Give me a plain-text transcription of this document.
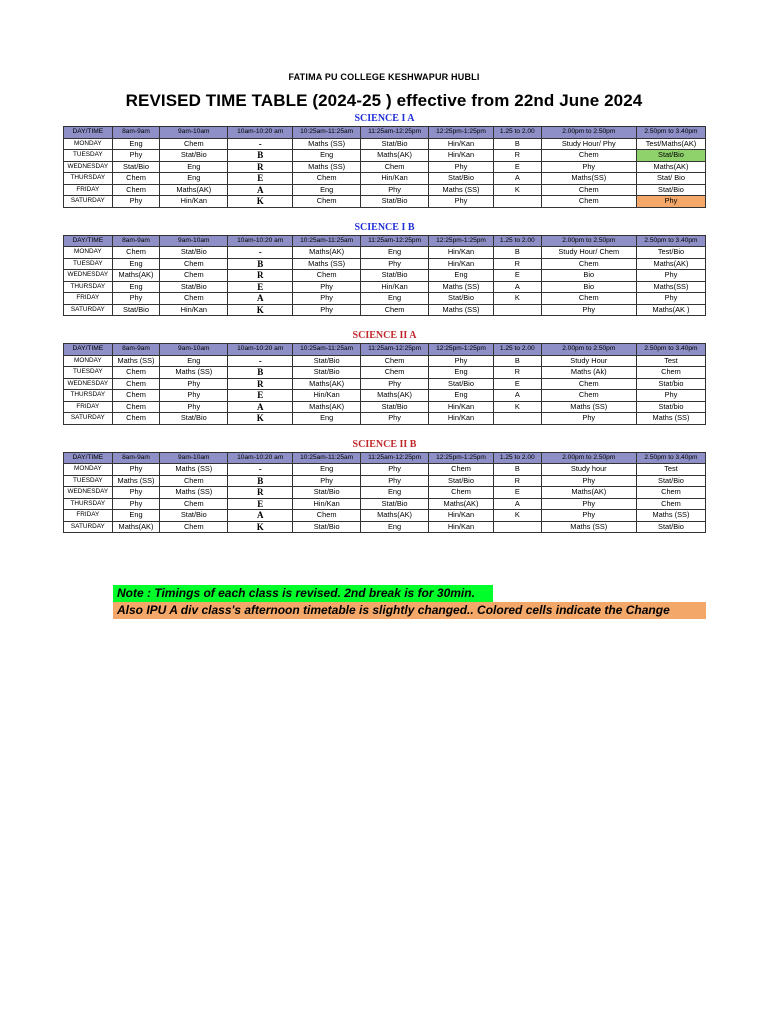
FATIMA PU COLLEGE KESHWAPUR HUBLI
REVISED TIME TABLE (2024-25 ) effective from 22nd June 2024
SCIENCE I A
DAY/TIME	8am-9am	9am-10am	10am-10:20 am	10:25am-11:25am	11:25am-12:25pm	12:25pm-1:25pm	1.25 to 2.00	2.00pm to 2.50pm	2.50pm to 3.40pm
MONDAY	Eng	Chem	-	Maths (SS)	Stat/Bio	Hin/Kan	B	Study Hour/ Phy	Test/Maths(AK)
TUESDAY	Phy	Stat/Bio	B	Eng	Maths(AK)	Hin/Kan	R	Chem	Stat/Bio
WEDNESDAY	Stat/Bio	Eng	R	Maths (SS)	Chem	Phy	E	Phy	Maths(AK)
THURSDAY	Chem	Eng	E	Chem	Hin/Kan	Stat/Bio	A	Maths(SS)	Stat/ Bio
FRIDAY	Chem	Maths(AK)	A	Eng	Phy	Maths (SS)	K	Chem	Stat/Bio
SATURDAY	Phy	Hin/Kan	K	Chem	Stat/Bio	Phy		Chem	Phy
SCIENCE I B
DAY/TIME	8am-9am	9am-10am	10am-10:20 am	10:25am-11:25am	11:25am-12:25pm	12:25pm-1:25pm	1.25 to 2.00	2.00pm to 2.50pm	2.50pm to 3.40pm
MONDAY	Chem	Stat/Bio	-	Maths(AK)	Eng	Hin/Kan	B	Study Hour/ Chem	Test/Bio
TUESDAY	Eng	Chem	B	Maths (SS)	Phy	Hin/Kan	R	Chem	Maths(AK)
WEDNESDAY	Maths(AK)	Chem	R	Chem	Stat/Bio	Eng	E	Bio	Phy
THURSDAY	Eng	Stat/Bio	E	Phy	Hin/Kan	Maths (SS)	A	Bio	Maths(SS)
FRIDAY	Phy	Chem	A	Phy	Eng	Stat/Bio	K	Chem	Phy
SATURDAY	Stat/Bio	Hin/Kan	K	Phy	Chem	Maths (SS)		Phy	Maths(AK )
SCIENCE II A
DAY/TIME	8am-9am	9am-10am	10am-10:20 am	10:25am-11:25am	11:25am-12:25pm	12:25pm-1:25pm	1.25 to 2.00	2.00pm to 2.50pm	2.50pm to 3.40pm
MONDAY	Maths (SS)	Eng	-	Stat/Bio	Chem	Phy	B	Study Hour	Test
TUESDAY	Chem	Maths (SS)	B	Stat/Bio	Chem	Eng	R	Maths (Ak)	Chem
WEDNESDAY	Chem	Phy	R	Maths(AK)	Phy	Stat/Bio	E	Chem	Stat/bio
THURSDAY	Chem	Phy	E	Hin/Kan	Maths(AK)	Eng	A	Chem	Phy
FRIDAY	Chem	Phy	A	Maths(AK)	Stat/Bio	Hin/Kan	K	Maths (SS)	Stat/bio
SATURDAY	Chem	Stat/Bio	K	Eng	Phy	Hin/Kan		Phy	Maths (SS)
SCIENCE II B
DAY/TIME	8am-9am	9am-10am	10am-10:20 am	10:25am-11:25am	11:25am-12:25pm	12:25pm-1:25pm	1.25 to 2.00	2.00pm to 2.50pm	2.50pm to 3.40pm
MONDAY	Phy	Maths (SS)	-	Eng	Phy	Chem	B	Study hour	Test
TUESDAY	Maths (SS)	Chem	B	Phy	Phy	Stat/Bio	R	Phy	Stat/Bio
WEDNESDAY	Phy	Maths (SS)	R	Stat/Bio	Eng	Chem	E	Maths(AK)	Chem
THURSDAY	Phy	Chem	E	Hin/Kan	Stat/Bio	Maths(AK)	A	Phy	Chem
FRIDAY	Eng	Stat/Bio	A	Chem	Maths(AK)	Hin/Kan	K	Phy	Maths (SS)
SATURDAY	Maths(AK)	Chem	K	Stat/Bio	Eng	Hin/Kan		Maths (SS)	Stat/Bio
Note : Timings of each class is revised. 2nd break is for 30min.
Also IPU A div class's afternoon timetable is slightly changed.. Colored cells indicate the Change
